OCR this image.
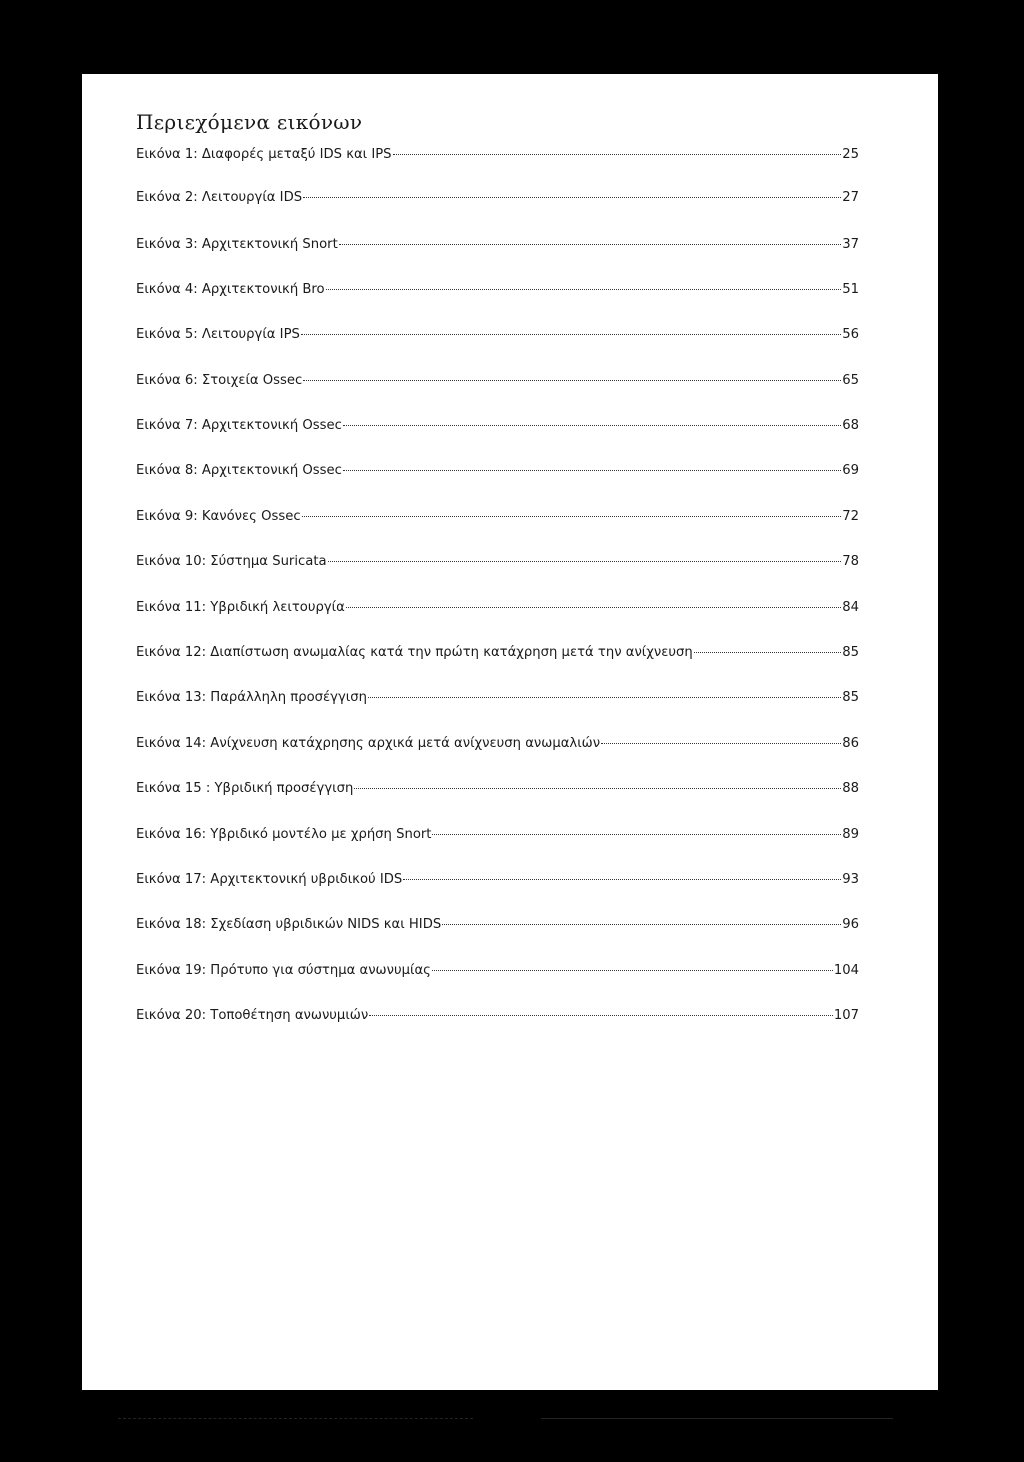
Περιεχόμενα εικόνων
Εικόνα 1: Διαφορές μεταξύ IDS και IPS	25
Εικόνα 2: Λειτουργία IDS	27
Εικόνα 3: Αρχιτεκτονική Snort	37
Εικόνα 4: Αρχιτεκτονική Bro	51
Εικόνα 5: Λειτουργία IPS	56
Εικόνα 6: Στοιχεία Ossec	65
Εικόνα 7: Αρχιτεκτονική Ossec	68
Εικόνα 8: Αρχιτεκτονική Ossec	69
Εικόνα 9: Κανόνες Ossec	72
Εικόνα 10: Σύστημα Suricata	78
Εικόνα 11: Υβριδική λειτουργία	84
Εικόνα 12: Διαπίστωση ανωμαλίας κατά την πρώτη κατάχρηση μετά την ανίχνευση	85
Εικόνα 13: Παράλληλη προσέγγιση	85
Εικόνα 14: Ανίχνευση κατάχρησης αρχικά μετά ανίχνευση ανωμαλιών	86
Εικόνα 15 : Υβριδική προσέγγιση	88
Εικόνα 16: Υβριδικό μοντέλο με χρήση Snort	89
Εικόνα 17: Αρχιτεκτονική υβριδικού IDS	93
Εικόνα 18: Σχεδίαση υβριδικών NIDS και HIDS	96
Εικόνα 19: Πρότυπο για σύστημα ανωνυμίας	104
Εικόνα 20: Τοποθέτηση ανωνυμιών	107
